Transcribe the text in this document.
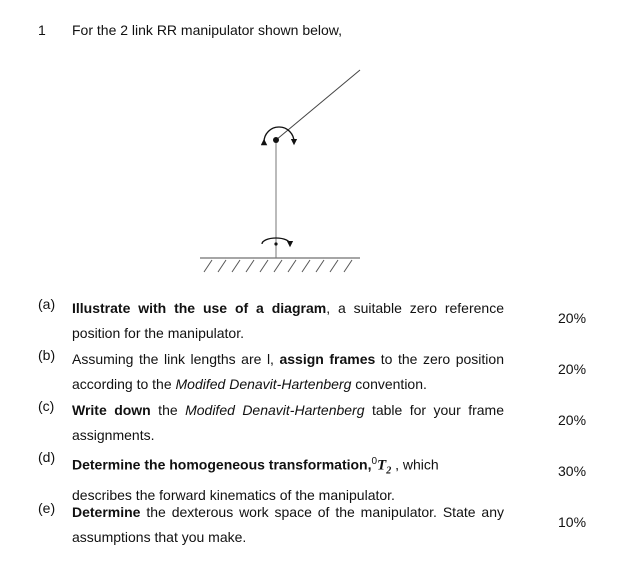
1 For the 2 link RR manipulator shown below,
(a) Illustrate with the use of a diagram, a suitable zero reference position for the manipulator.
20%
(b) Assuming the link lengths are l, assign frames to the zero position according to the Modifed Denavit-Hartenberg convention.
20%
(c) Write down the Modifed Denavit-Hartenberg table for your frame assignments.
20%
(d) Determine the homogeneous $transformation,^0T_2$ , which
describes the forward kinematics of the manipulator.
30%
(e) Determine the dexterous work space of the manipulator. State any assumptions that you make.
10%
